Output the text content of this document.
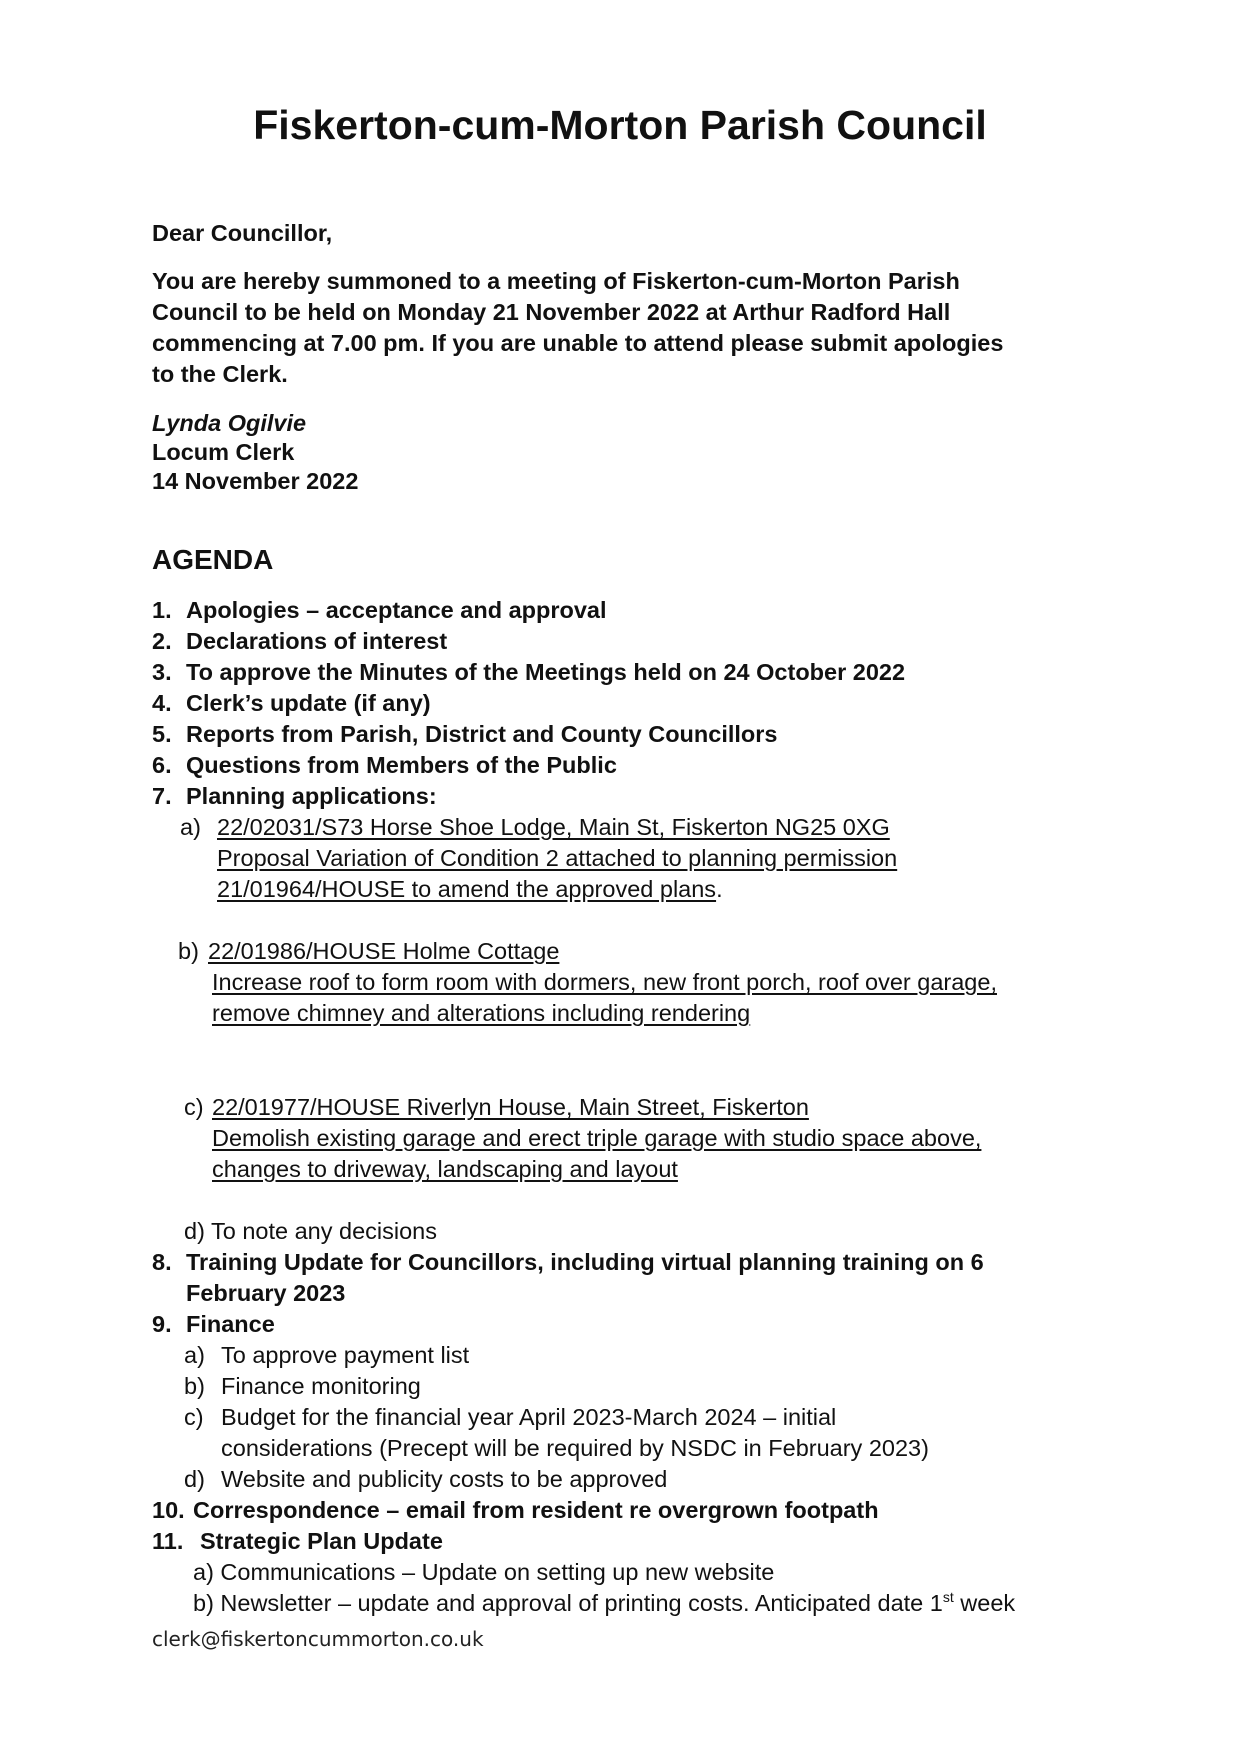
Fiskerton-cum-Morton Parish Council
Dear Councillor,
You are hereby summoned to a meeting of Fiskerton-cum-Morton Parish
Council to be held on Monday 21 November 2022 at Arthur Radford Hall
commencing at 7.00 pm. If you are unable to attend please submit apologies
to the Clerk.
Lynda Ogilvie
Locum Clerk
14 November 2022
AGENDA
1. Apologies – acceptance and approval
2. Declarations of interest
3. To approve the Minutes of the Meetings held on 24 October 2022
4. Clerk’s update (if any)
5. Reports from Parish, District and County Councillors
6. Questions from Members of the Public
7. Planning applications:
a) 22/02031/S73 Horse Shoe Lodge, Main St, Fiskerton NG25 0XG
Proposal Variation of Condition 2 attached to planning permission
21/01964/HOUSE to amend the approved plans.
b) 22/01986/HOUSE Holme Cottage
Increase roof to form room with dormers, new front porch, roof over garage,
remove chimney and alterations including rendering
c) 22/01977/HOUSE Riverlyn House, Main Street, Fiskerton
Demolish existing garage and erect triple garage with studio space above,
changes to driveway, landscaping and layout
d) To note any decisions
8. Training Update for Councillors, including virtual planning training on 6
February 2023
9. Finance
a) To approve payment list
b) Finance monitoring
c) Budget for the financial year April 2023-March 2024 – initial
considerations (Precept will be required by NSDC in February 2023)
d) Website and publicity costs to be approved
10. Correspondence – email from resident re overgrown footpath
11. Strategic Plan Update
a) Communications – Update on setting up new website
b) Newsletter – update and approval of printing costs. Anticipated date 1st week
clerk@fiskertoncummorton.co.uk
